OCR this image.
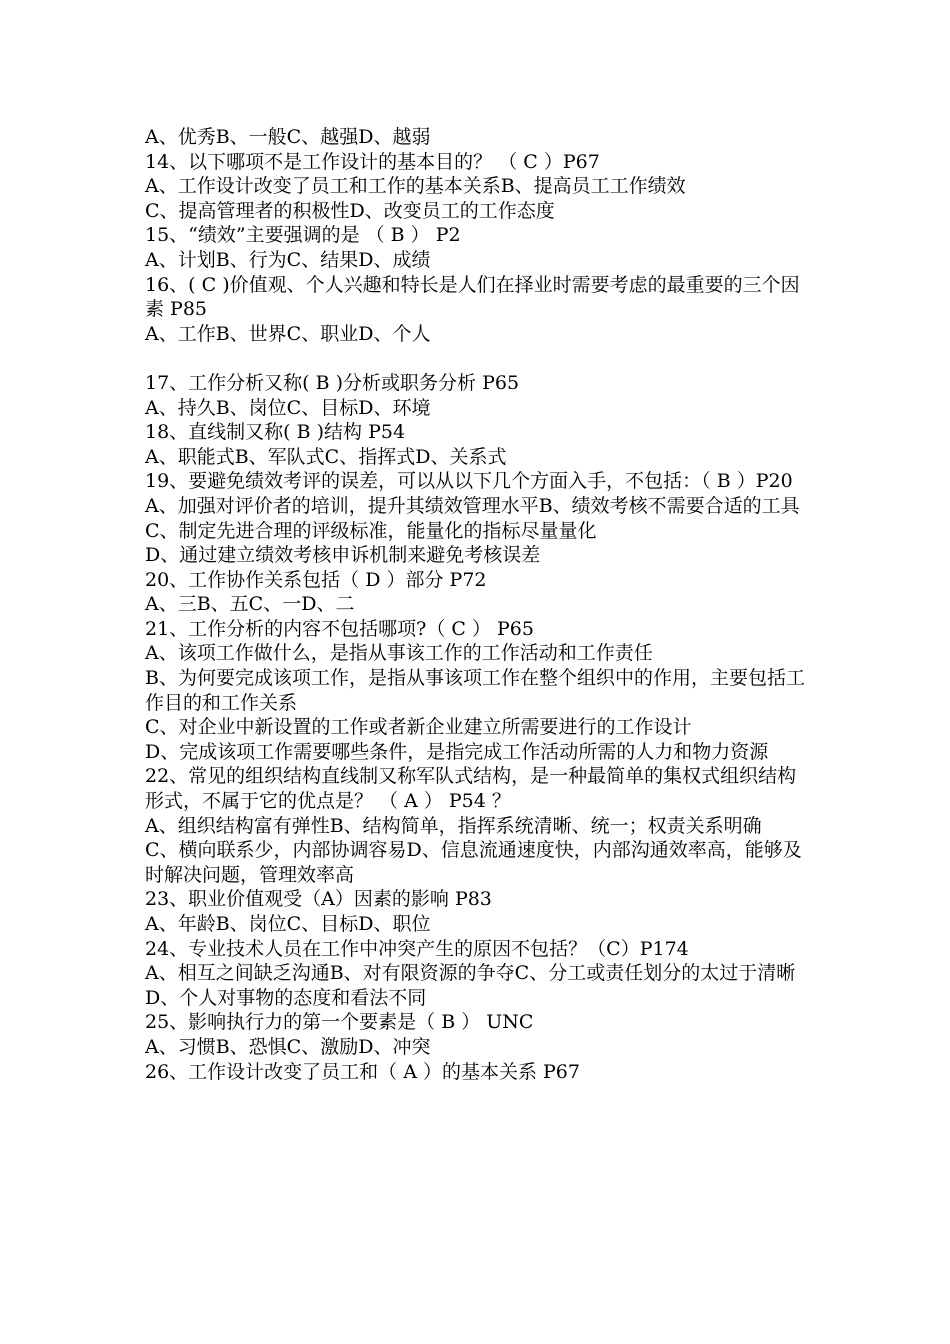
A、优秀B、一般C、越强D、越弱
14、以下哪项不是工作设计的基本目的？ （ C ）P67
A、工作设计改变了员工和工作的基本关系B、提高员工工作绩效
C、提高管理者的积极性D、改变员工的工作态度
15、“绩效”主要强调的是 （ B ） P2
A、计划B、行为C、结果D、成绩
16、( C )价值观、个人兴趣和特长是人们在择业时需要考虑的最重要的三个因素 P85
A、工作B、世界C、职业D、个人
17、工作分析又称( B )分析或职务分析 P65
A、持久B、岗位C、目标D、环境
18、直线制又称( B )结构 P54
A、职能式B、军队式C、指挥式D、关系式
19、要避免绩效考评的误差，可以从以下几个方面入手，不包括：（ B ）P20
A、加强对评价者的培训，提升其绩效管理水平B、绩效考核不需要合适的工具
C、制定先进合理的评级标准，能量化的指标尽量量化
D、通过建立绩效考核申诉机制来避免考核误差
20、工作协作关系包括（ D ）部分 P72
A、三B、五C、一D、二
21、工作分析的内容不包括哪项?（ C ） P65
A、该项工作做什么，是指从事该工作的工作活动和工作责任
B、为何要完成该项工作，是指从事该项工作在整个组织中的作用，主要包括工作目的和工作关系
C、对企业中新设置的工作或者新企业建立所需要进行的工作设计
D、完成该项工作需要哪些条件，是指完成工作活动所需的人力和物力资源
22、常见的组织结构直线制又称军队式结构，是一种最简单的集权式组织结构形式，不属于它的优点是？ （ A ） P54 ？
A、组织结构富有弹性B、结构简单，指挥系统清晰、统一；权责关系明确
C、横向联系少，内部协调容易D、信息流通速度快，内部沟通效率高，能够及时解决问题，管理效率高
23、职业价值观受（A）因素的影响 P83
A、年龄B、岗位C、目标D、职位
24、专业技术人员在工作中冲突产生的原因不包括？（C）P174
A、相互之间缺乏沟通B、对有限资源的争夺C、分工或责任划分的太过于清晰
D、个人对事物的态度和看法不同
25、影响执行力的第一个要素是（ B ） UNC
A、习惯B、恐惧C、激励D、冲突
26、工作设计改变了员工和（ A ）的基本关系 P67
